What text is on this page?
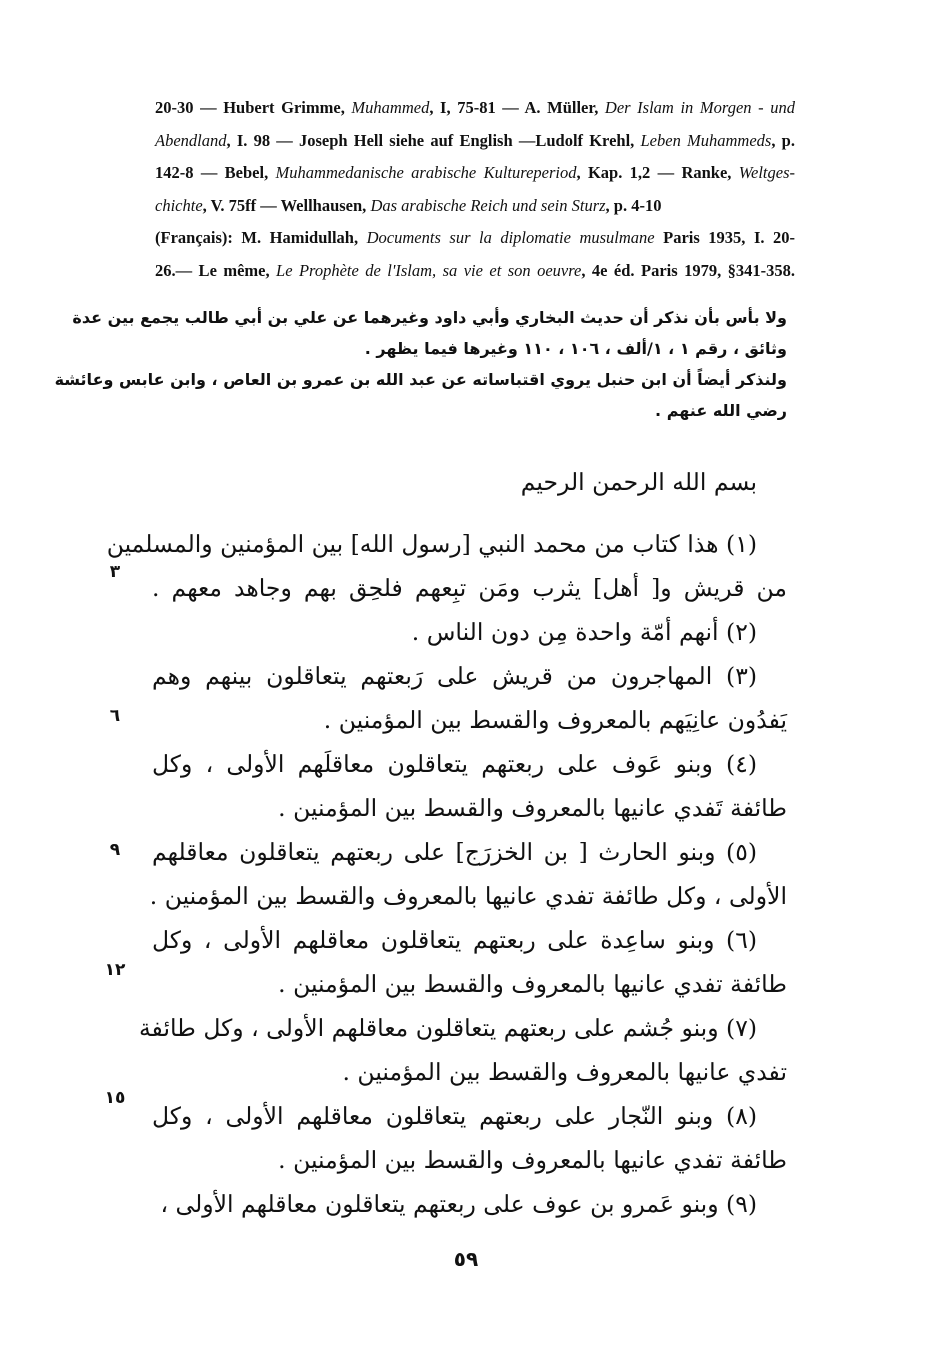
20-30 — Hubert Grimme, Muhammed, I, 75-81 — A. Müller, Der Islam in Morgen - und
Abendland, I. 98 — Joseph Hell siehe auf English —Ludolf Krehl, Leben Muhammeds, p.
142-8 — Bebel, Muhammedanische arabische Kultureperiod, Kap. 1,2 — Ranke, Weltges-
chichte, V. 75ff — Wellhausen, Das arabische Reich und sein Sturz, p. 4-10
(Français): M. Hamidullah, Documents sur la diplomatie musulmane Paris 1935, I. 20-
26.— Le même, Le Prophète de l'Islam, sa vie et son oeuvre, 4e éd. Paris 1979, §341-358.
ولا بأس بأن نذكر أن حديث البخاري وأبي داود وغيرهما عن علي بن أبي طالب يجمع بين عدة
وثائق ، رقم ١ ، ١/ألف ، ١٠٦ ، ١١٠ وغيرها فيما يظهر .
ولنذكر أيضاً أن ابن حنبل يروي اقتباساته عن عبد الله بن عمرو بن العاص ، وابن عابس وعائشة
رضي الله عنهم .
بسم الله الرحمن الرحيم
(١) هذا كتاب من محمد النبي [رسول الله] بين المؤمنين والمسلمين
من قريش و[ أهل] يثرب ومَن تبِعهم فلحِق بهم وجاهد معهم .
(٢) أنهم أمّة واحدة مِن دون الناس .
(٣) المهاجرون من قريش على رَبعتهم يتعاقلون بينهم وهم
يَفدُون عانِيَهم بالمعروف والقسط بين المؤمنين .
(٤) وبنو عَوف على ربعتهم يتعاقلون معاقلَهم الأولى ، وكل
طائفة تَفدي عانيها بالمعروف والقسط بين المؤمنين .
(٥) وبنو الحارث [ بن الخزرَج] على ربعتهم يتعاقلون معاقلهم
الأولى ، وكل طائفة تفدي عانيها بالمعروف والقسط بين المؤمنين .
(٦) وبنو ساعِدة على ربعتهم يتعاقلون معاقلهم الأولى ، وكل
طائفة تفدي عانيها بالمعروف والقسط بين المؤمنين .
(٧) وبنو جُشم على ربعتهم يتعاقلون معاقلهم الأولى ، وكل طائفة
تفدي عانيها بالمعروف والقسط بين المؤمنين .
(٨) وبنو النّجار على ربعتهم يتعاقلون معاقلهم الأولى ، وكل
طائفة تفدي عانيها بالمعروف والقسط بين المؤمنين .
(٩) وبنو عَمرو بن عوف على ربعتهم يتعاقلون معاقلهم الأولى ،
٣
٦
٩
١٢
١٥
٥٩
